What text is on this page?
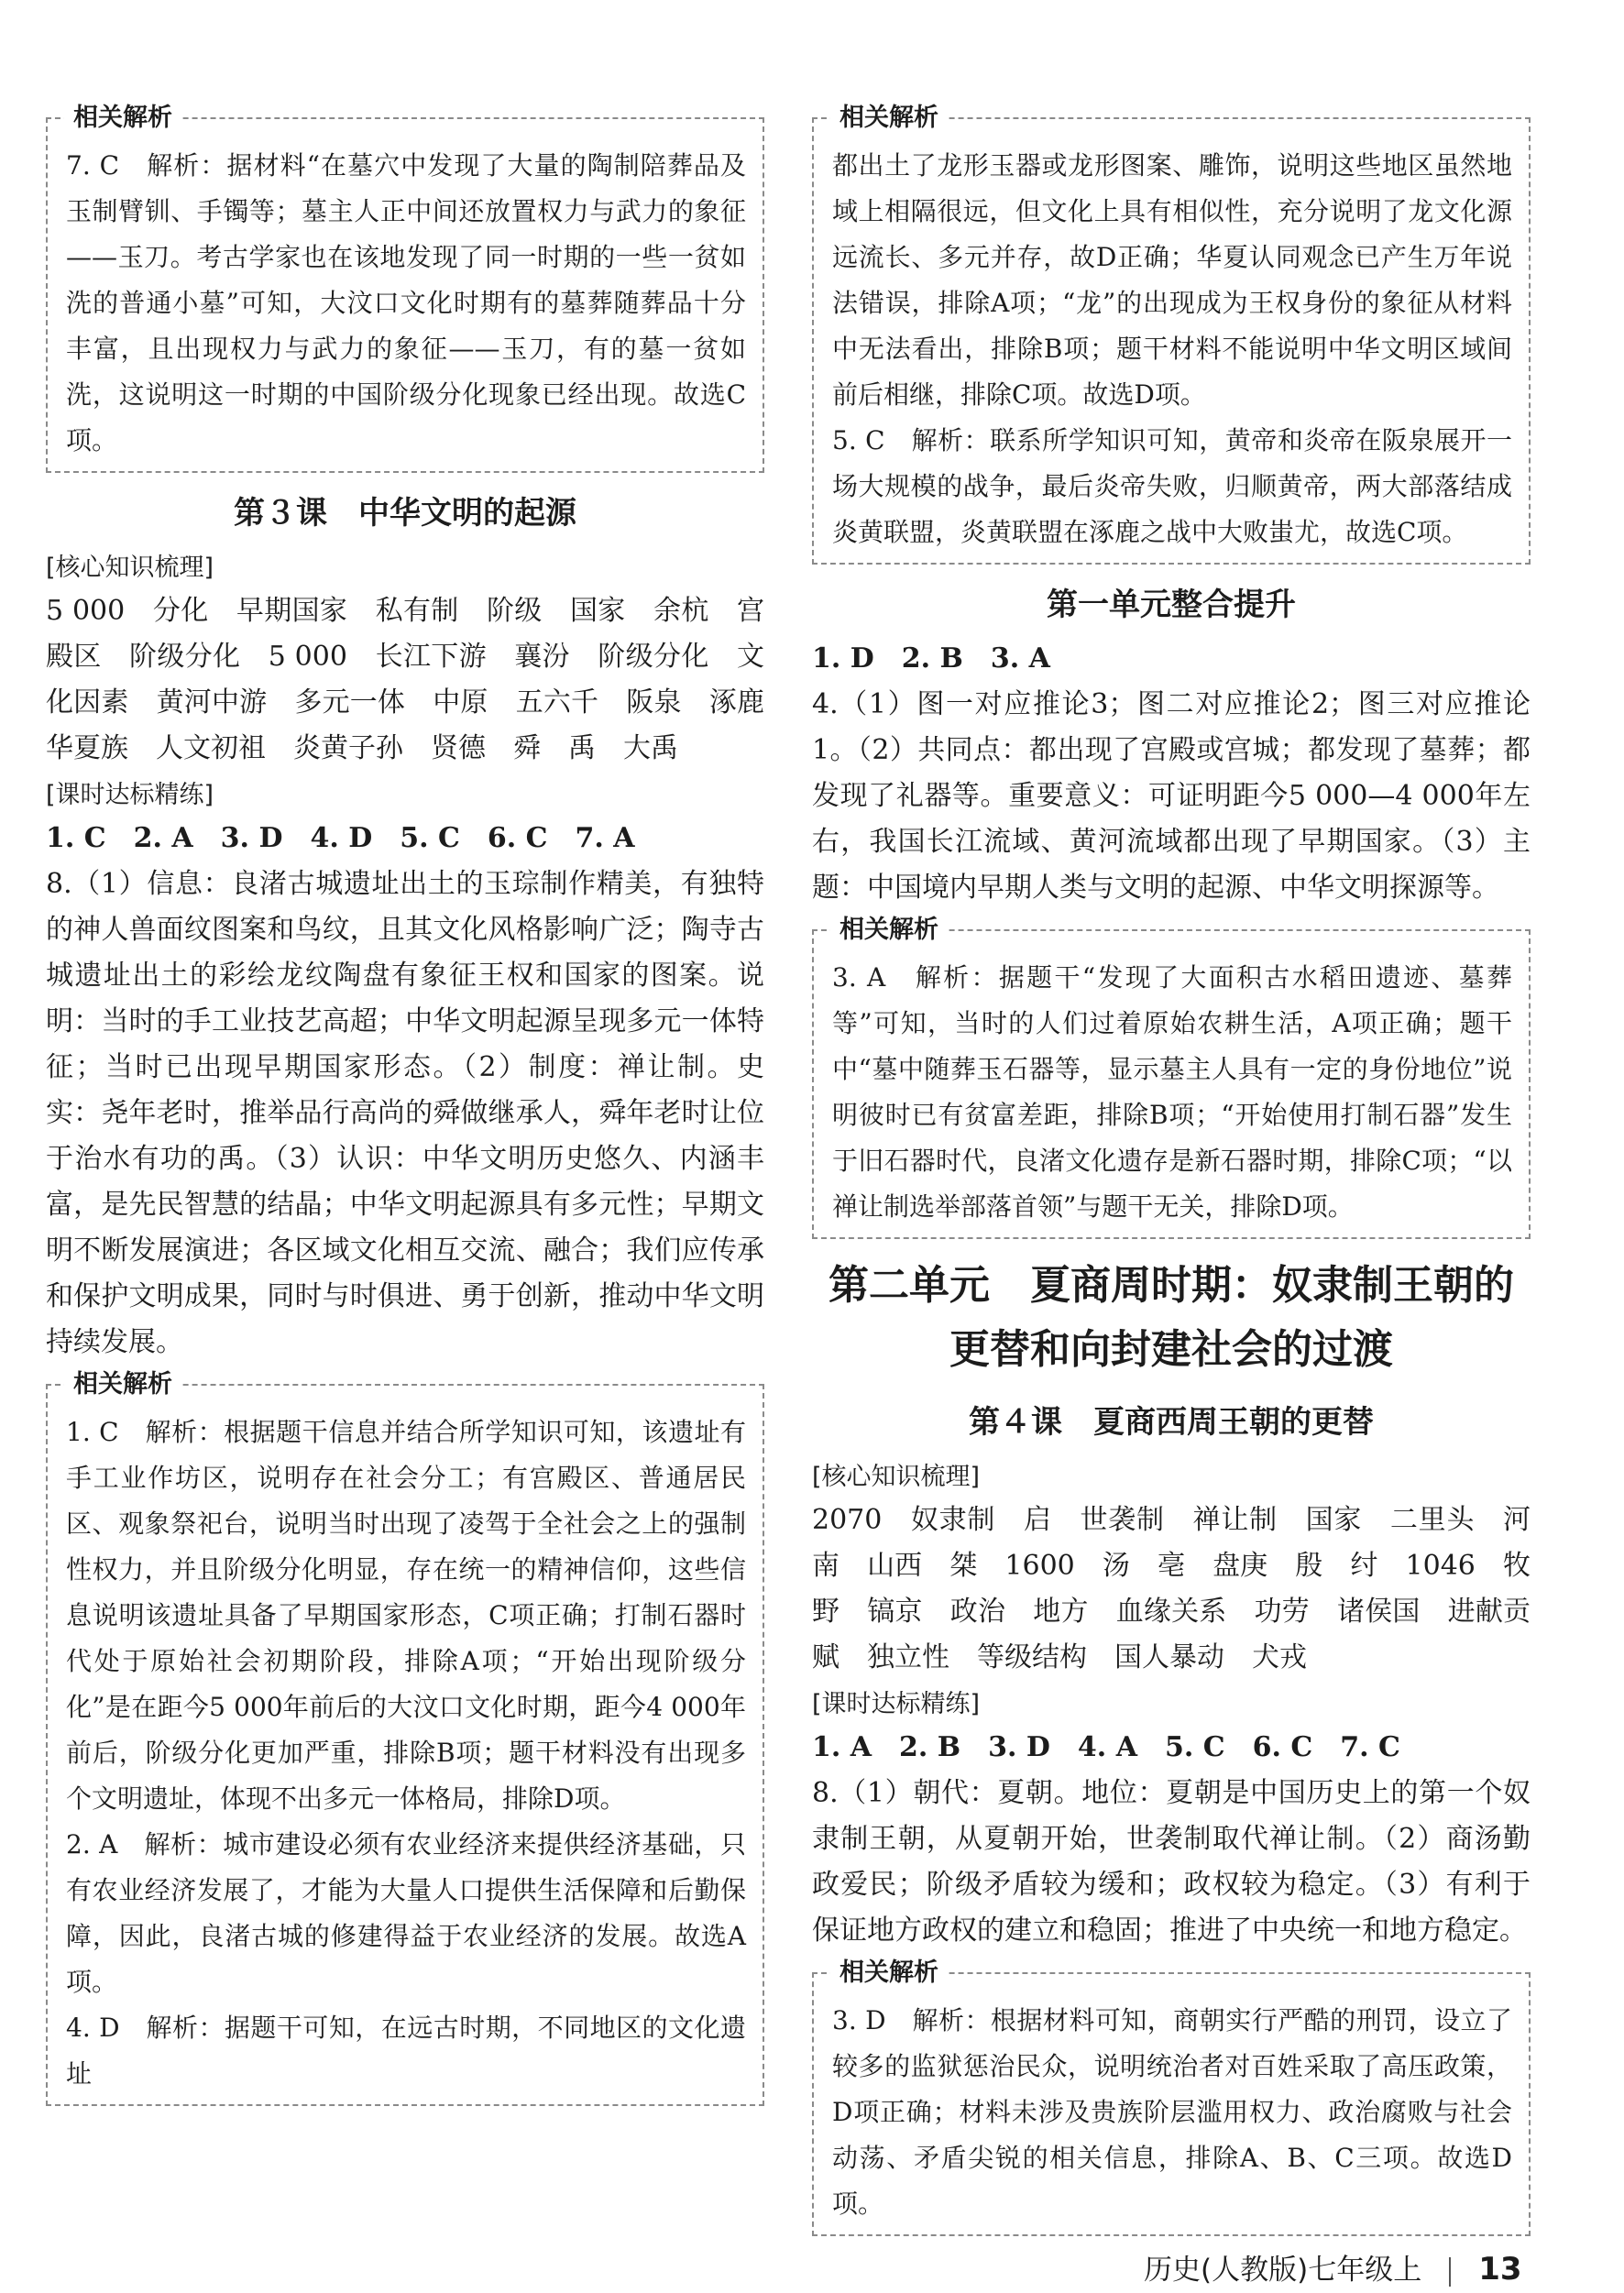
相关解析

7. C　解析：据材料“在墓穴中发现了大量的陶制陪葬品及玉制臂钏、手镯等；墓主人正中间还放置权力与武力的象征——玉刀。考古学家也在该地发现了同一时期的一些一贫如洗的普通小墓”可知，大汶口文化时期有的墓葬随葬品十分丰富，且出现权力与武力的象征——玉刀，有的墓一贫如洗，这说明这一时期的中国阶级分化现象已经出现。故选C项。

第３课　中华文明的起源
[核心知识梳理]

5 000　分化　早期国家　私有制　阶级　国家　余杭　宫殿区　阶级分化　5 000　长江下游　襄汾　阶级分化　文化因素　黄河中游　多元一体　中原　五六千　阪泉　涿鹿　华夏族　人文初祖　炎黄子孙　贤德　舜　禹　大禹

[课时达标精练]

1. C　2. A　3. D　4. D　5. C　6. C　7. A

8.（1）信息：良渚古城遗址出土的玉琮制作精美，有独特的神人兽面纹图案和鸟纹，且其文化风格影响广泛；陶寺古城遗址出土的彩绘龙纹陶盘有象征王权和国家的图案。说明：当时的手工业技艺高超；中华文明起源呈现多元一体特征；当时已出现早期国家形态。（2）制度：禅让制。史实：尧年老时，推举品行高尚的舜做继承人，舜年老时让位于治水有功的禹。（3）认识：中华文明历史悠久、内涵丰富，是先民智慧的结晶；中华文明起源具有多元性；早期文明不断发展演进；各区域文化相互交流、融合；我们应传承和保护文明成果，同时与时俱进、勇于创新，推动中华文明持续发展。

相关解析

1. C　解析：根据题干信息并结合所学知识可知，该遗址有手工业作坊区，说明存在社会分工；有宫殿区、普通居民区、观象祭祀台，说明当时出现了凌驾于全社会之上的强制性权力，并且阶级分化明显，存在统一的精神信仰，这些信息说明该遗址具备了早期国家形态，C项正确；打制石器时代处于原始社会初期阶段，排除A项；“开始出现阶级分化”是在距今5 000年前后的大汶口文化时期，距今4 000年前后，阶级分化更加严重，排除B项；题干材料没有出现多个文明遗址，体现不出多元一体格局，排除D项。

2. A　解析：城市建设必须有农业经济来提供经济基础，只有农业经济发展了，才能为大量人口提供生活保障和后勤保障，因此，良渚古城的修建得益于农业经济的发展。故选A项。

4. D　解析：据题干可知，在远古时期，不同地区的文化遗址

相关解析

都出土了龙形玉器或龙形图案、雕饰，说明这些地区虽然地域上相隔很远，但文化上具有相似性，充分说明了龙文化源远流长、多元并存，故D正确；华夏认同观念已产生万年说法错误，排除A项；“龙”的出现成为王权身份的象征从材料中无法看出，排除B项；题干材料不能说明中华文明区域间前后相继，排除C项。故选D项。

5. C　解析：联系所学知识可知，黄帝和炎帝在阪泉展开一场大规模的战争，最后炎帝失败，归顺黄帝，两大部落结成炎黄联盟，炎黄联盟在涿鹿之战中大败蚩尤，故选C项。

第一单元整合提升

1. D　2. B　3. A

4.（1）图一对应推论3；图二对应推论2；图三对应推论1。（2）共同点：都出现了宫殿或宫城；都发现了墓葬；都发现了礼器等。重要意义：可证明距今5 000—4 000年左右，我国长江流域、黄河流域都出现了早期国家。（3）主题：中国境内早期人类与文明的起源、中华文明探源等。

相关解析

3. A　解析：据题干“发现了大面积古水稻田遗迹、墓葬等”可知，当时的人们过着原始农耕生活，A项正确；题干中“墓中随葬玉石器等，显示墓主人具有一定的身份地位”说明彼时已有贫富差距，排除B项；“开始使用打制石器”发生于旧石器时代，良渚文化遗存是新石器时期，排除C项；“以禅让制选举部落首领”与题干无关，排除D项。

第二单元　夏商周时期：奴隶制王朝的
更替和向封建社会的过渡
第４课　夏商西周王朝的更替
[核心知识梳理]

2070　奴隶制　启　世袭制　禅让制　国家　二里头　河南　山西　桀　1600　汤　亳　盘庚　殷　纣　1046　牧野　镐京　政治　地方　血缘关系　功劳　诸侯国　进献贡赋　独立性　等级结构　国人暴动　犬戎

[课时达标精练]

1. A　2. B　3. D　4. A　5. C　6. C　7. C

8.（1）朝代：夏朝。地位：夏朝是中国历史上的第一个奴隶制王朝，从夏朝开始，世袭制取代禅让制。（2）商汤勤政爱民；阶级矛盾较为缓和；政权较为稳定。（3）有利于保证地方政权的建立和稳固；推进了中央统一和地方稳定。

相关解析

3. D　解析：根据材料可知，商朝实行严酷的刑罚，设立了较多的监狱惩治民众，说明统治者对百姓采取了高压政策，D项正确；材料未涉及贵族阶层滥用权力、政治腐败与社会动荡、矛盾尖锐的相关信息，排除A、B、C三项。故选D项。

历史(人教版)七年级上 13
